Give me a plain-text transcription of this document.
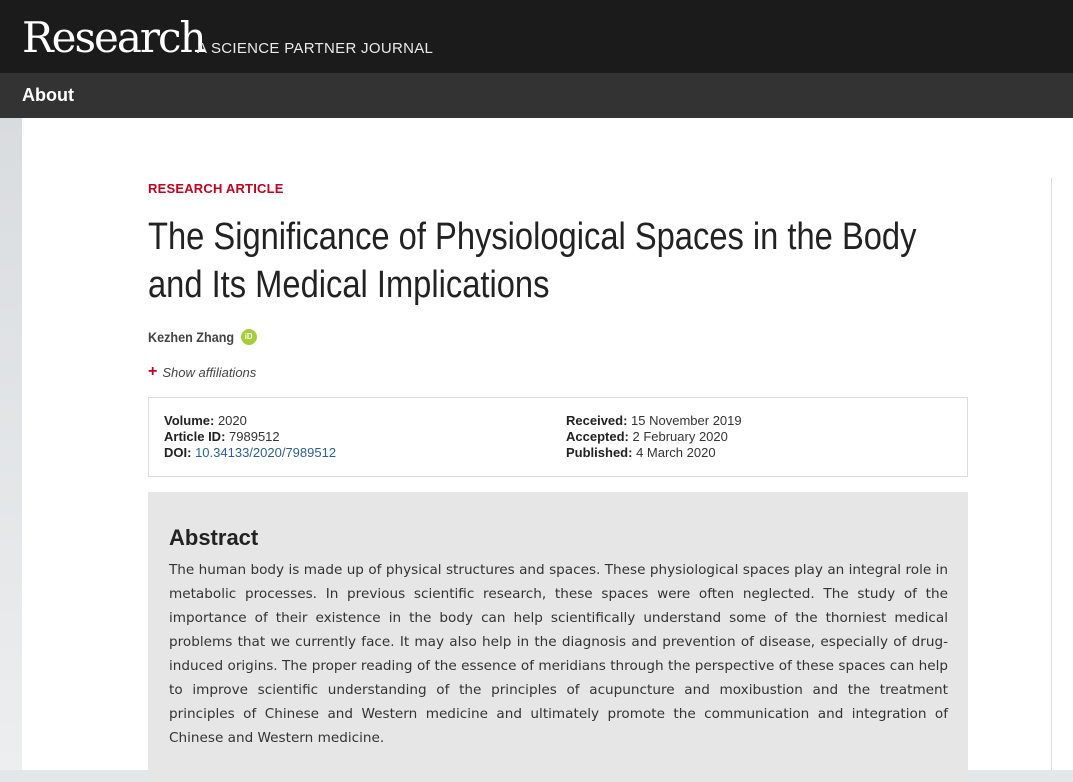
Research
A SCIENCE PARTNER JOURNAL
About
RESEARCH ARTICLE
The Significance of Physiological Spaces in the Body and Its Medical Implications
Kezhen Zhang	iD
+ Show affiliations
Volume: 2020
Article ID: 7989512
DOI: 10.34133/2020/7989512
Received: 15 November 2019
Accepted: 2 February 2020
Published: 4 March 2020
Abstract

The human body is made up of physical structures and spaces. These physiological spaces play an integral role in metabolic processes. In previous scientific research, these spaces were often neglected. The study of the importance of their existence in the body can help scientifically understand some of the thorniest medical problems that we currently face. It may also help in the diagnosis and prevention of disease, especially of drug-induced origins. The proper reading of the essence of meridians through the perspective of these spaces can help to improve scientific understanding of the principles of acupuncture and moxibustion and the treatment principles of Chinese and Western medicine and ultimately promote the communication and integration of Chinese and Western medicine.
